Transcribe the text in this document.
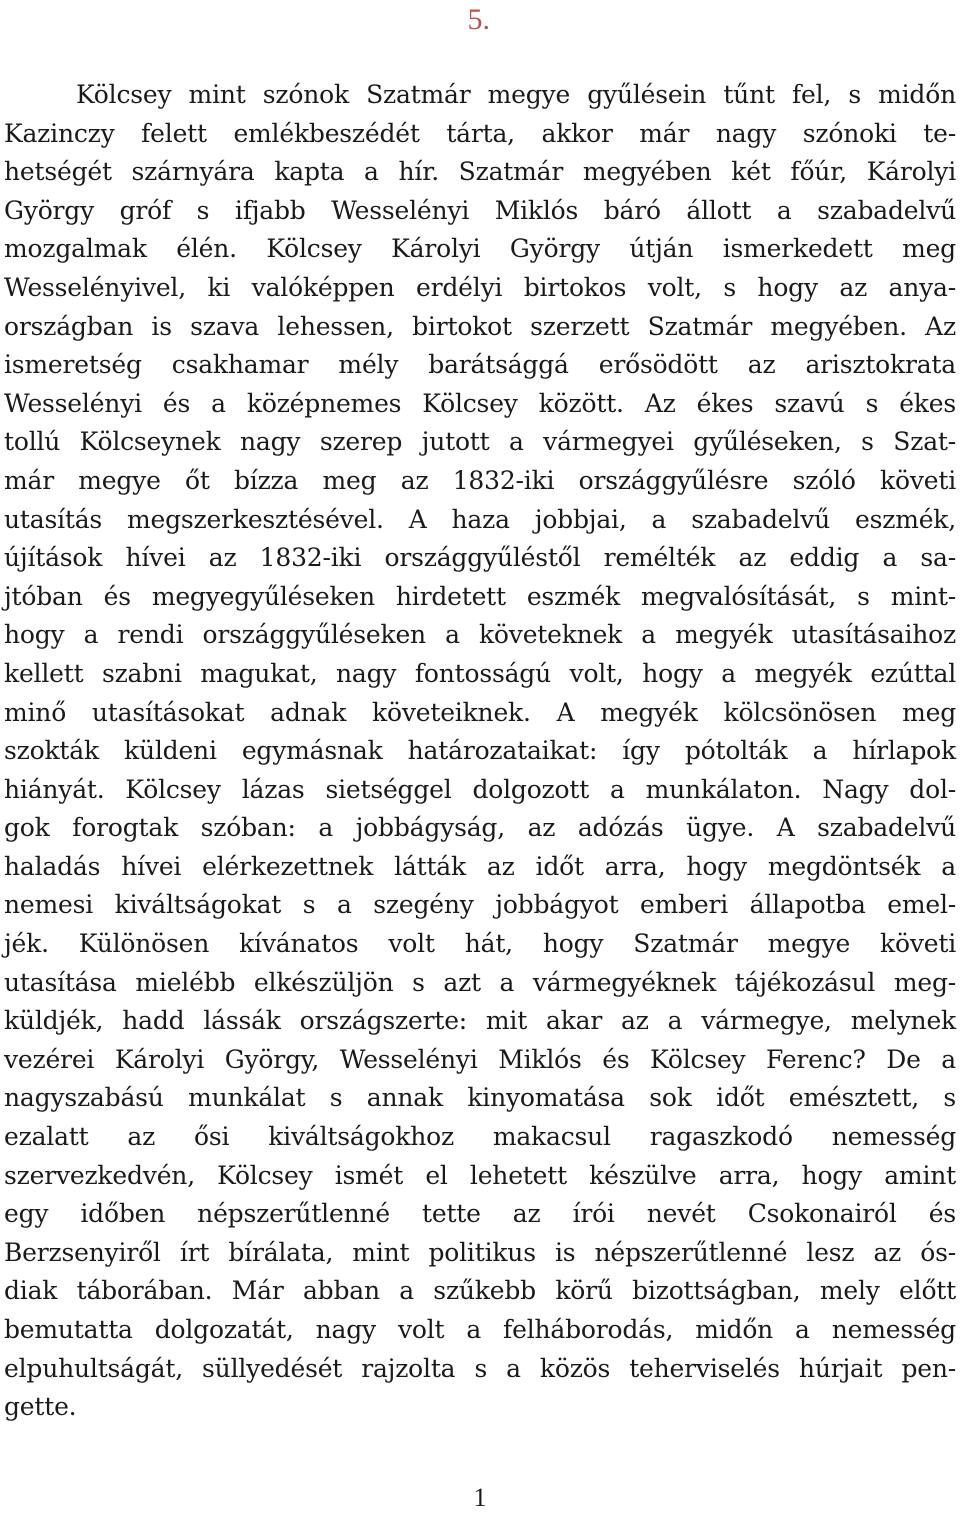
5.

Kölcsey mint szónok Szatmár megye gyűlésein tűnt fel, s midőn
Kazinczy felett emlékbeszédét tárta, akkor már nagy szónoki te-
hetségét szárnyára kapta a hír. Szatmár megyében két főúr, Károlyi
György gróf s ifjabb Wesselényi Miklós báró állott a szabadelvű
mozgalmak élén. Kölcsey Károlyi György útján ismerkedett meg
Wesselényivel, ki valóképpen erdélyi birtokos volt, s hogy az anya-
országban is szava lehessen, birtokot szerzett Szatmár megyében. Az
ismeretség csakhamar mély barátsággá erősödött az arisztokrata
Wesselényi és a középnemes Kölcsey között. Az ékes szavú s ékes
tollú Kölcseynek nagy szerep jutott a vármegyei gyűléseken, s Szat-
már megye őt bízza meg az 1832-iki országgyűlésre szóló követi
utasítás megszerkesztésével. A haza jobbjai, a szabadelvű eszmék,
újítások hívei az 1832-iki országgyűléstől remélték az eddig a sa-
jtóban és megyegyűléseken hirdetett eszmék megvalósítását, s mint-
hogy a rendi országgyűléseken a követeknek a megyék utasításaihoz
kellett szabni magukat, nagy fontosságú volt, hogy a megyék ezúttal
minő utasításokat adnak követeiknek. A megyék kölcsönösen meg
szokták küldeni egymásnak határozataikat: így pótolták a hírlapok
hiányát. Kölcsey lázas sietséggel dolgozott a munkálaton. Nagy dol-
gok forogtak szóban: a jobbágyság, az adózás ügye. A szabadelvű
haladás hívei elérkezettnek látták az időt arra, hogy megdöntsék a
nemesi kiváltságokat s a szegény jobbágyot emberi állapotba emel-
jék. Különösen kívánatos volt hát, hogy Szatmár megye követi
utasítása mielébb elkészüljön s azt a vármegyéknek tájékozásul meg-
küldjék, hadd lássák országszerte: mit akar az a vármegye, melynek
vezérei Károlyi György, Wesselényi Miklós és Kölcsey Ferenc? De a
nagyszabású munkálat s annak kinyomatása sok időt emésztett, s
ezalatt az ősi kiváltságokhoz makacsul ragaszkodó nemesség
szervezkedvén, Kölcsey ismét el lehetett készülve arra, hogy amint
egy időben népszerűtlenné tette az írói nevét Csokonairól és
Berzsenyiről írt bírálata, mint politikus is népszerűtlenné lesz az ós-
diak táborában. Már abban a szűkebb körű bizottságban, mely előtt
bemutatta dolgozatát, nagy volt a felháborodás, midőn a nemesség
elpuhultságát, süllyedését rajzolta s a közös teherviselés húrjait pen-
gette.

1
